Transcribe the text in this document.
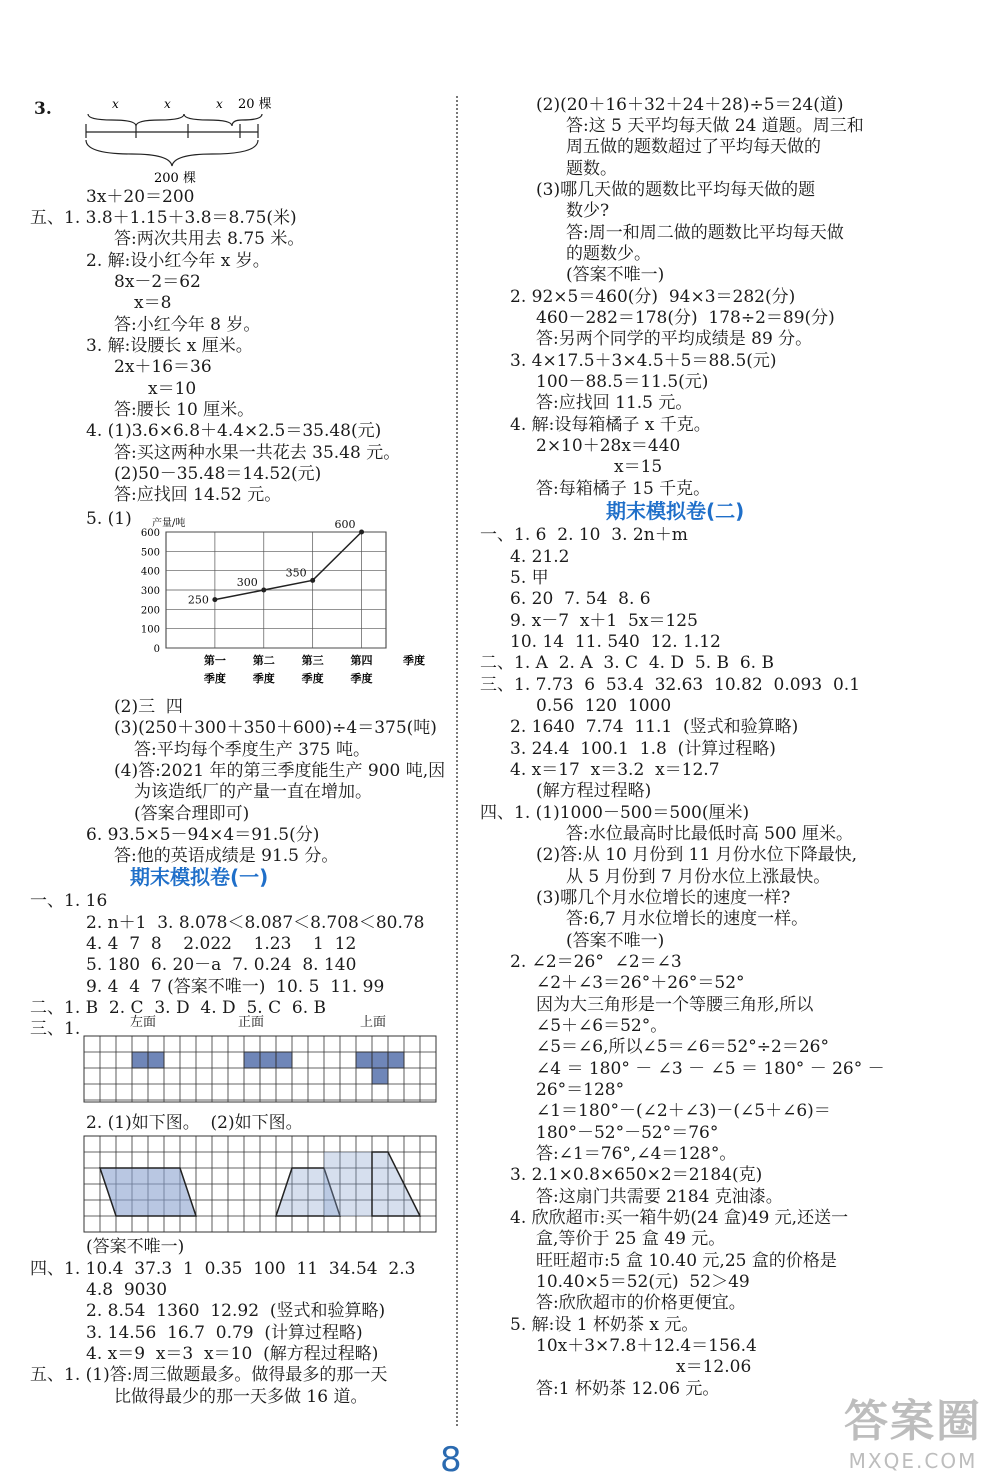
3.	x	x	x 20 棵
200 棵
3x＋20＝200
五、1. 3.8＋1.15＋3.8＝8.75(米)
答:两次共用去 8.75 米。
2. 解:设小红今年 x 岁。
8x－2＝62
x＝8
答:小红今年 8 岁。
3. 解:设腰长 x 厘米。
2x＋16＝36
x＝10
答:腰长 10 厘米。
4. (1)3.6×6.8＋4.4×2.5＝35.48(元)
答:买这两种水果一共花去 35.48 元。
(2)50－35.48＝14.52(元)
答:应找回 14.52 元。
5. (1)
0
100
200
300
400
500
600
产量/吨
第一
季度
第二
季度
第三
季度
第四
季度
季度
250
300
350
600
(2)三  四
(3)(250＋300＋350＋600)÷4＝375(吨)
答:平均每个季度生产 375 吨。
(4)答:2021 年的第三季度能生产 900 吨,因
为该造纸厂的产量一直在增加。
(答案合理即可)
6. 93.5×5－94×4＝91.5(分)
答:他的英语成绩是 91.5 分。
期末模拟卷(一)
一、1. 16
2. n＋1  3. 8.078＜8.087＜8.708＜80.78
4. 4  7  8    2.022    1.23    1  12
5. 180  6. 20－a  7. 0.24  8. 140
9. 4  4  7 (答案不唯一)  10. 5  11. 99
二、1. B  2. C  3. D  4. D  5. C  6. B
三、1.	左面	正面	上面
2. (1)如下图。  (2)如下图。
(答案不唯一)
四、1. 10.4  37.3  1  0.35  100  11  34.54  2.3
4.8  9030
2. 8.54  1360  12.92  (竖式和验算略)
3. 14.56  16.7  0.79  (计算过程略)
4. x＝9  x＝3  x＝10  (解方程过程略)
五、1. (1)答:周三做题最多。做得最多的那一天
比做得最少的那一天多做 16 道。
(2)(20＋16＋32＋24＋28)÷5＝24(道)
答:这 5 天平均每天做 24 道题。周三和
周五做的题数超过了平均每天做的
题数。
(3)哪几天做的题数比平均每天做的题
数少?
答:周一和周二做的题数比平均每天做
的题数少。
(答案不唯一)
2. 92×5＝460(分)  94×3＝282(分)
460－282＝178(分)  178÷2＝89(分)
答:另两个同学的平均成绩是 89 分。
3. 4×17.5＋3×4.5＋5＝88.5(元)
100－88.5＝11.5(元)
答:应找回 11.5 元。
4. 解:设每箱橘子 x 千克。
2×10＋28x＝440
x＝15
答:每箱橘子 15 千克。
期末模拟卷(二)
一、1. 6  2. 10  3. 2n＋m
4. 21.2
5. 甲
6. 20  7. 54  8. 6
9. x－7  x＋1  5x＝125
10. 14  11. 540  12. 1.12
二、1. A  2. A  3. C  4. D  5. B  6. B
三、1. 7.73  6  53.4  32.63  10.82  0.093  0.1
0.56  120  1000
2. 1640  7.74  11.1  (竖式和验算略)
3. 24.4  100.1  1.8  (计算过程略)
4. x＝17  x＝3.2  x＝12.7
(解方程过程略)
四、1. (1)1000－500＝500(厘米)
答:水位最高时比最低时高 500 厘米。
(2)答:从 10 月份到 11 月份水位下降最快,
从 5 月份到 7 月份水位上涨最快。
(3)哪几个月水位增长的速度一样?
答:6,7 月水位增长的速度一样。
(答案不唯一)
2. ∠2＝26°  ∠2＝∠3
∠2＋∠3＝26°＋26°＝52°
因为大三角形是一个等腰三角形,所以
∠5＋∠6＝52°。
∠5＝∠6,所以∠5＝∠6＝52°÷2＝26°
∠4 ＝ 180° － ∠3 － ∠5 ＝ 180° － 26° －
26°＝128°
∠1＝180°－(∠2＋∠3)－(∠5＋∠6)＝
180°－52°－52°＝76°
答:∠1＝76°,∠4＝128°。
3. 2.1×0.8×650×2＝2184(克)
答:这扇门共需要 2184 克油漆。
4. 欣欣超市:买一箱牛奶(24 盒)49 元,还送一
盒,等价于 25 盒 49 元。
旺旺超市:5 盒 10.40 元,25 盒的价格是
10.40×5＝52(元)  52＞49
答:欣欣超市的价格更便宜。
5. 解:设 1 杯奶茶 x 元。
10x＋3×7.8＋12.4＝156.4
x＝12.06
答:1 杯奶茶 12.06 元。
8
答案圈
MXQE.COM
